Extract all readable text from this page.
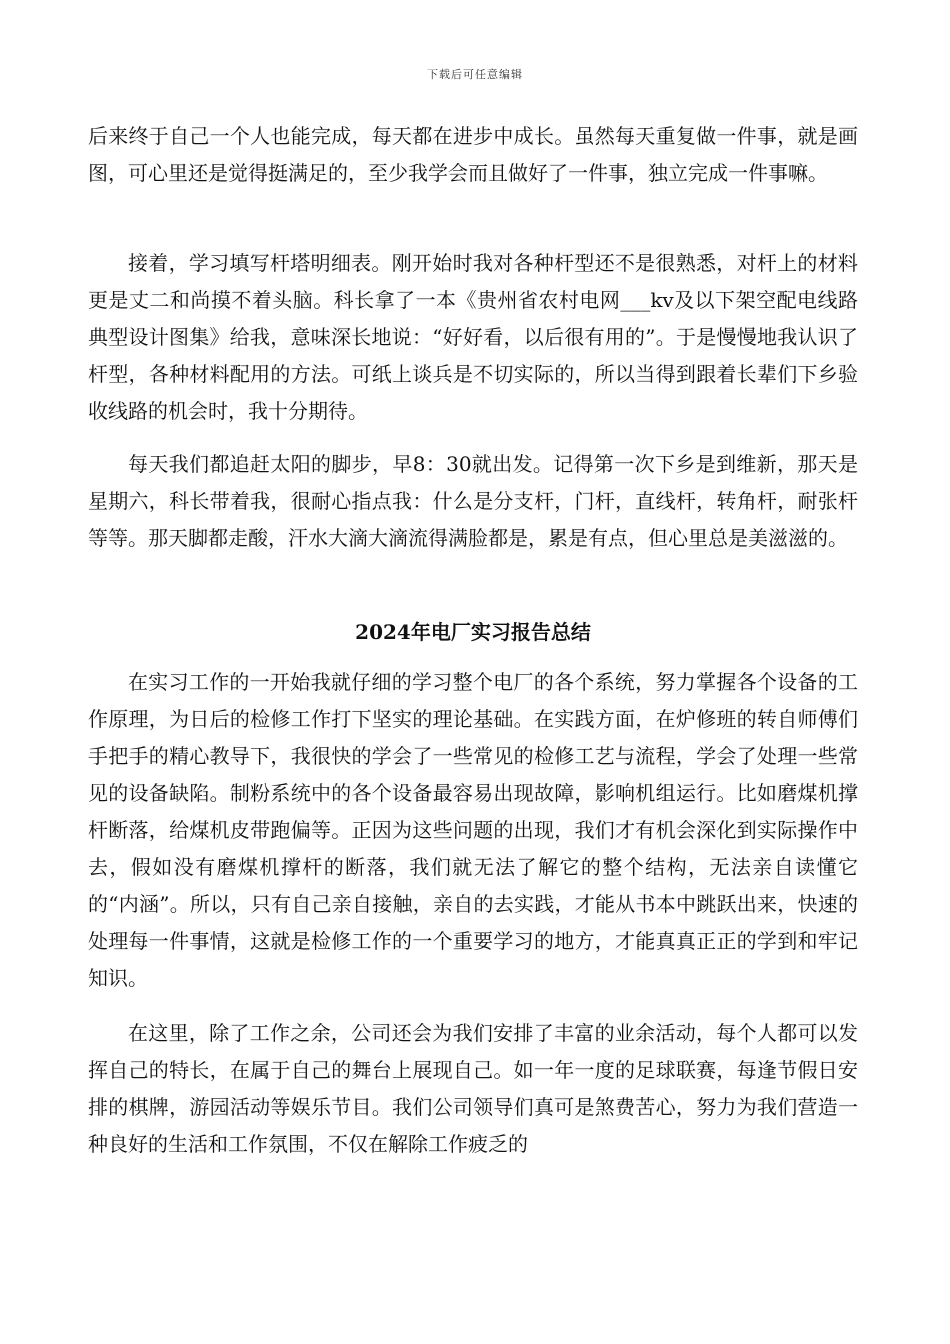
下载后可任意编辑

后来终于自己一个人也能完成，每天都在进步中成长。虽然每天重复做一件事，就是画图，可心里还是觉得挺满足的，至少我学会而且做好了一件事，独立完成一件事嘛。

接着，学习填写杆塔明细表。刚开始时我对各种杆型还不是很熟悉，对杆上的材料更是丈二和尚摸不着头脑。科长拿了一本《贵州省农村电网___kv及以下架空配电线路典型设计图集》给我，意味深长地说：“好好看，以后很有用的”。于是慢慢地我认识了杆型，各种材料配用的方法。可纸上谈兵是不切实际的，所以当得到跟着长辈们下乡验收线路的机会时，我十分期待。

每天我们都追赶太阳的脚步，早8：30就出发。记得第一次下乡是到维新，那天是星期六，科长带着我，很耐心指点我：什么是分支杆，门杆，直线杆，转角杆，耐张杆等等。那天脚都走酸，汗水大滴大滴流得满脸都是，累是有点，但心里总是美滋滋的。

2024年电厂实习报告总结

在实习工作的一开始我就仔细的学习整个电厂的各个系统，努力掌握各个设备的工作原理，为日后的检修工作打下坚实的理论基础。在实践方面，在炉修班的转自师傅们手把手的精心教导下，我很快的学会了一些常见的检修工艺与流程，学会了处理一些常见的设备缺陷。制粉系统中的各个设备最容易出现故障，影响机组运行。比如磨煤机撑杆断落，给煤机皮带跑偏等。正因为这些问题的出现，我们才有机会深化到实际操作中去，假如没有磨煤机撑杆的断落，我们就无法了解它的整个结构，无法亲自读懂它的“内涵”。所以，只有自己亲自接触，亲自的去实践，才能从书本中跳跃出来，快速的处理每一件事情，这就是检修工作的一个重要学习的地方，才能真真正正的学到和牢记知识。

在这里，除了工作之余，公司还会为我们安排了丰富的业余活动，每个人都可以发挥自己的特长，在属于自己的舞台上展现自己。如一年一度的足球联赛，每逢节假日安排的棋牌，游园活动等娱乐节目。我们公司领导们真可是煞费苦心，努力为我们营造一种良好的生活和工作氛围，不仅在解除工作疲乏的
